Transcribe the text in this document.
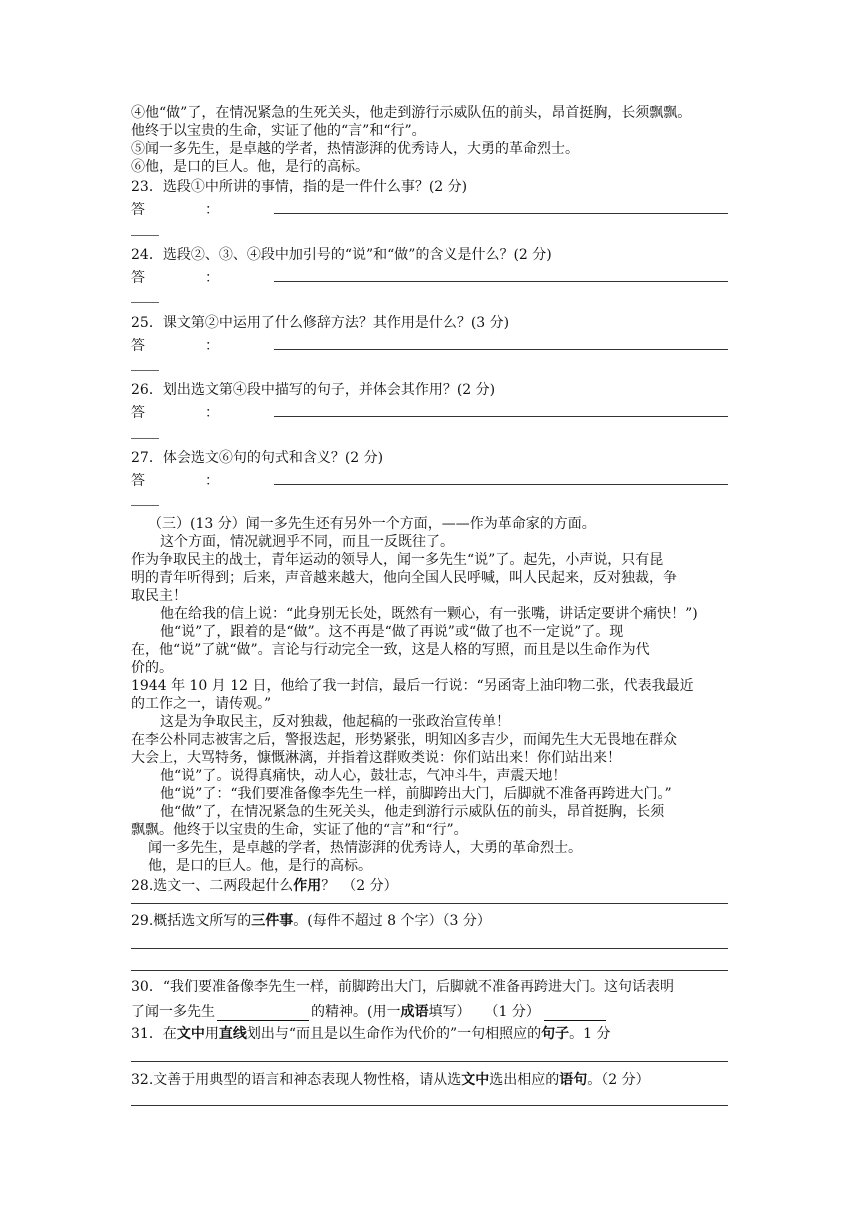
④他“做”了，在情况紧急的生死关头，他走到游行示威队伍的前头，昂首挺胸，长须飘飘。
他终于以宝贵的生命，实证了他的“言”和“行”。
⑤闻一多先生，是卓越的学者，热情澎湃的优秀诗人，大勇的革命烈士。
⑥他，是口的巨人。他，是行的高标。
23．选段①中所讲的事情，指的是一件什么事？(2 分)
答	：
24．选段②、③、④段中加引号的“说”和“做”的含义是什么？(2 分)
答	：
25．课文第②中运用了什么修辞方法？其作用是什么？(3 分)
答	：
26．划出选文第④段中描写的句子，并体会其作用？(2 分)
答	：
27．体会选文⑥句的句式和含义？(2 分)
答	：
（三）(13 分）闻一多先生还有另外一个方面，——作为革命家的方面。
这个方面，情况就迥乎不同，而且一反既往了。
作为争取民主的战士，青年运动的领导人，闻一多先生“说”了。起先，小声说，只有昆
明的青年听得到；后来，声音越来越大，他向全国人民呼喊，叫人民起来，反对独裁，争
取民主！
他在给我的信上说：“此身别无长处，既然有一颗心，有一张嘴，讲话定要讲个痛快！”)
他“说”了，跟着的是“做”。这不再是“做了再说”或“做了也不一定说”了。现
在，他“说”了就“做”。言论与行动完全一致，这是人格的写照，而且是以生命作为代
价的。
1944 年 10 月 12 日，他给了我一封信，最后一行说：“另函寄上油印物二张，代表我最近
的工作之一，请传观。”
这是为争取民主，反对独裁，他起稿的一张政治宣传单！
在李公朴同志被害之后，警报迭起，形势紧张，明知凶多吉少，而闻先生大无畏地在群众
大会上，大骂特务，慷慨淋漓，并指着这群败类说：你们站出来！你们站出来！
他“说”了。说得真痛快，动人心，鼓壮志，气冲斗牛，声震天地！
他“说”了：“我们要准备像李先生一样，前脚跨出大门，后脚就不准备再跨进大门。”
他“做”了，在情况紧急的生死关头，他走到游行示威队伍的前头，昂首挺胸，长须
飘飘。他终于以宝贵的生命，实证了他的“言”和“行”。
闻一多先生，是卓越的学者，热情澎湃的优秀诗人，大勇的革命烈士。
他，是口的巨人。他，是行的高标。
28.选文一、二两段起什么作用？　（2 分）
29.概括选文所写的三件事。(每件不超过 8 个字）（3 分）
30．“我们要准备像李先生一样，前脚跨出大门，后脚就不准备再跨进大门。这句话表明
了闻一多先生	的精神。(用一成语填写）　　（1 分）
31．在文中用直线划出与“而且是以生命作为代价的”一句相照应的句子。1 分
32.文善于用典型的语言和神态表现人物性格，请从选文中选出相应的语句。（2 分）
